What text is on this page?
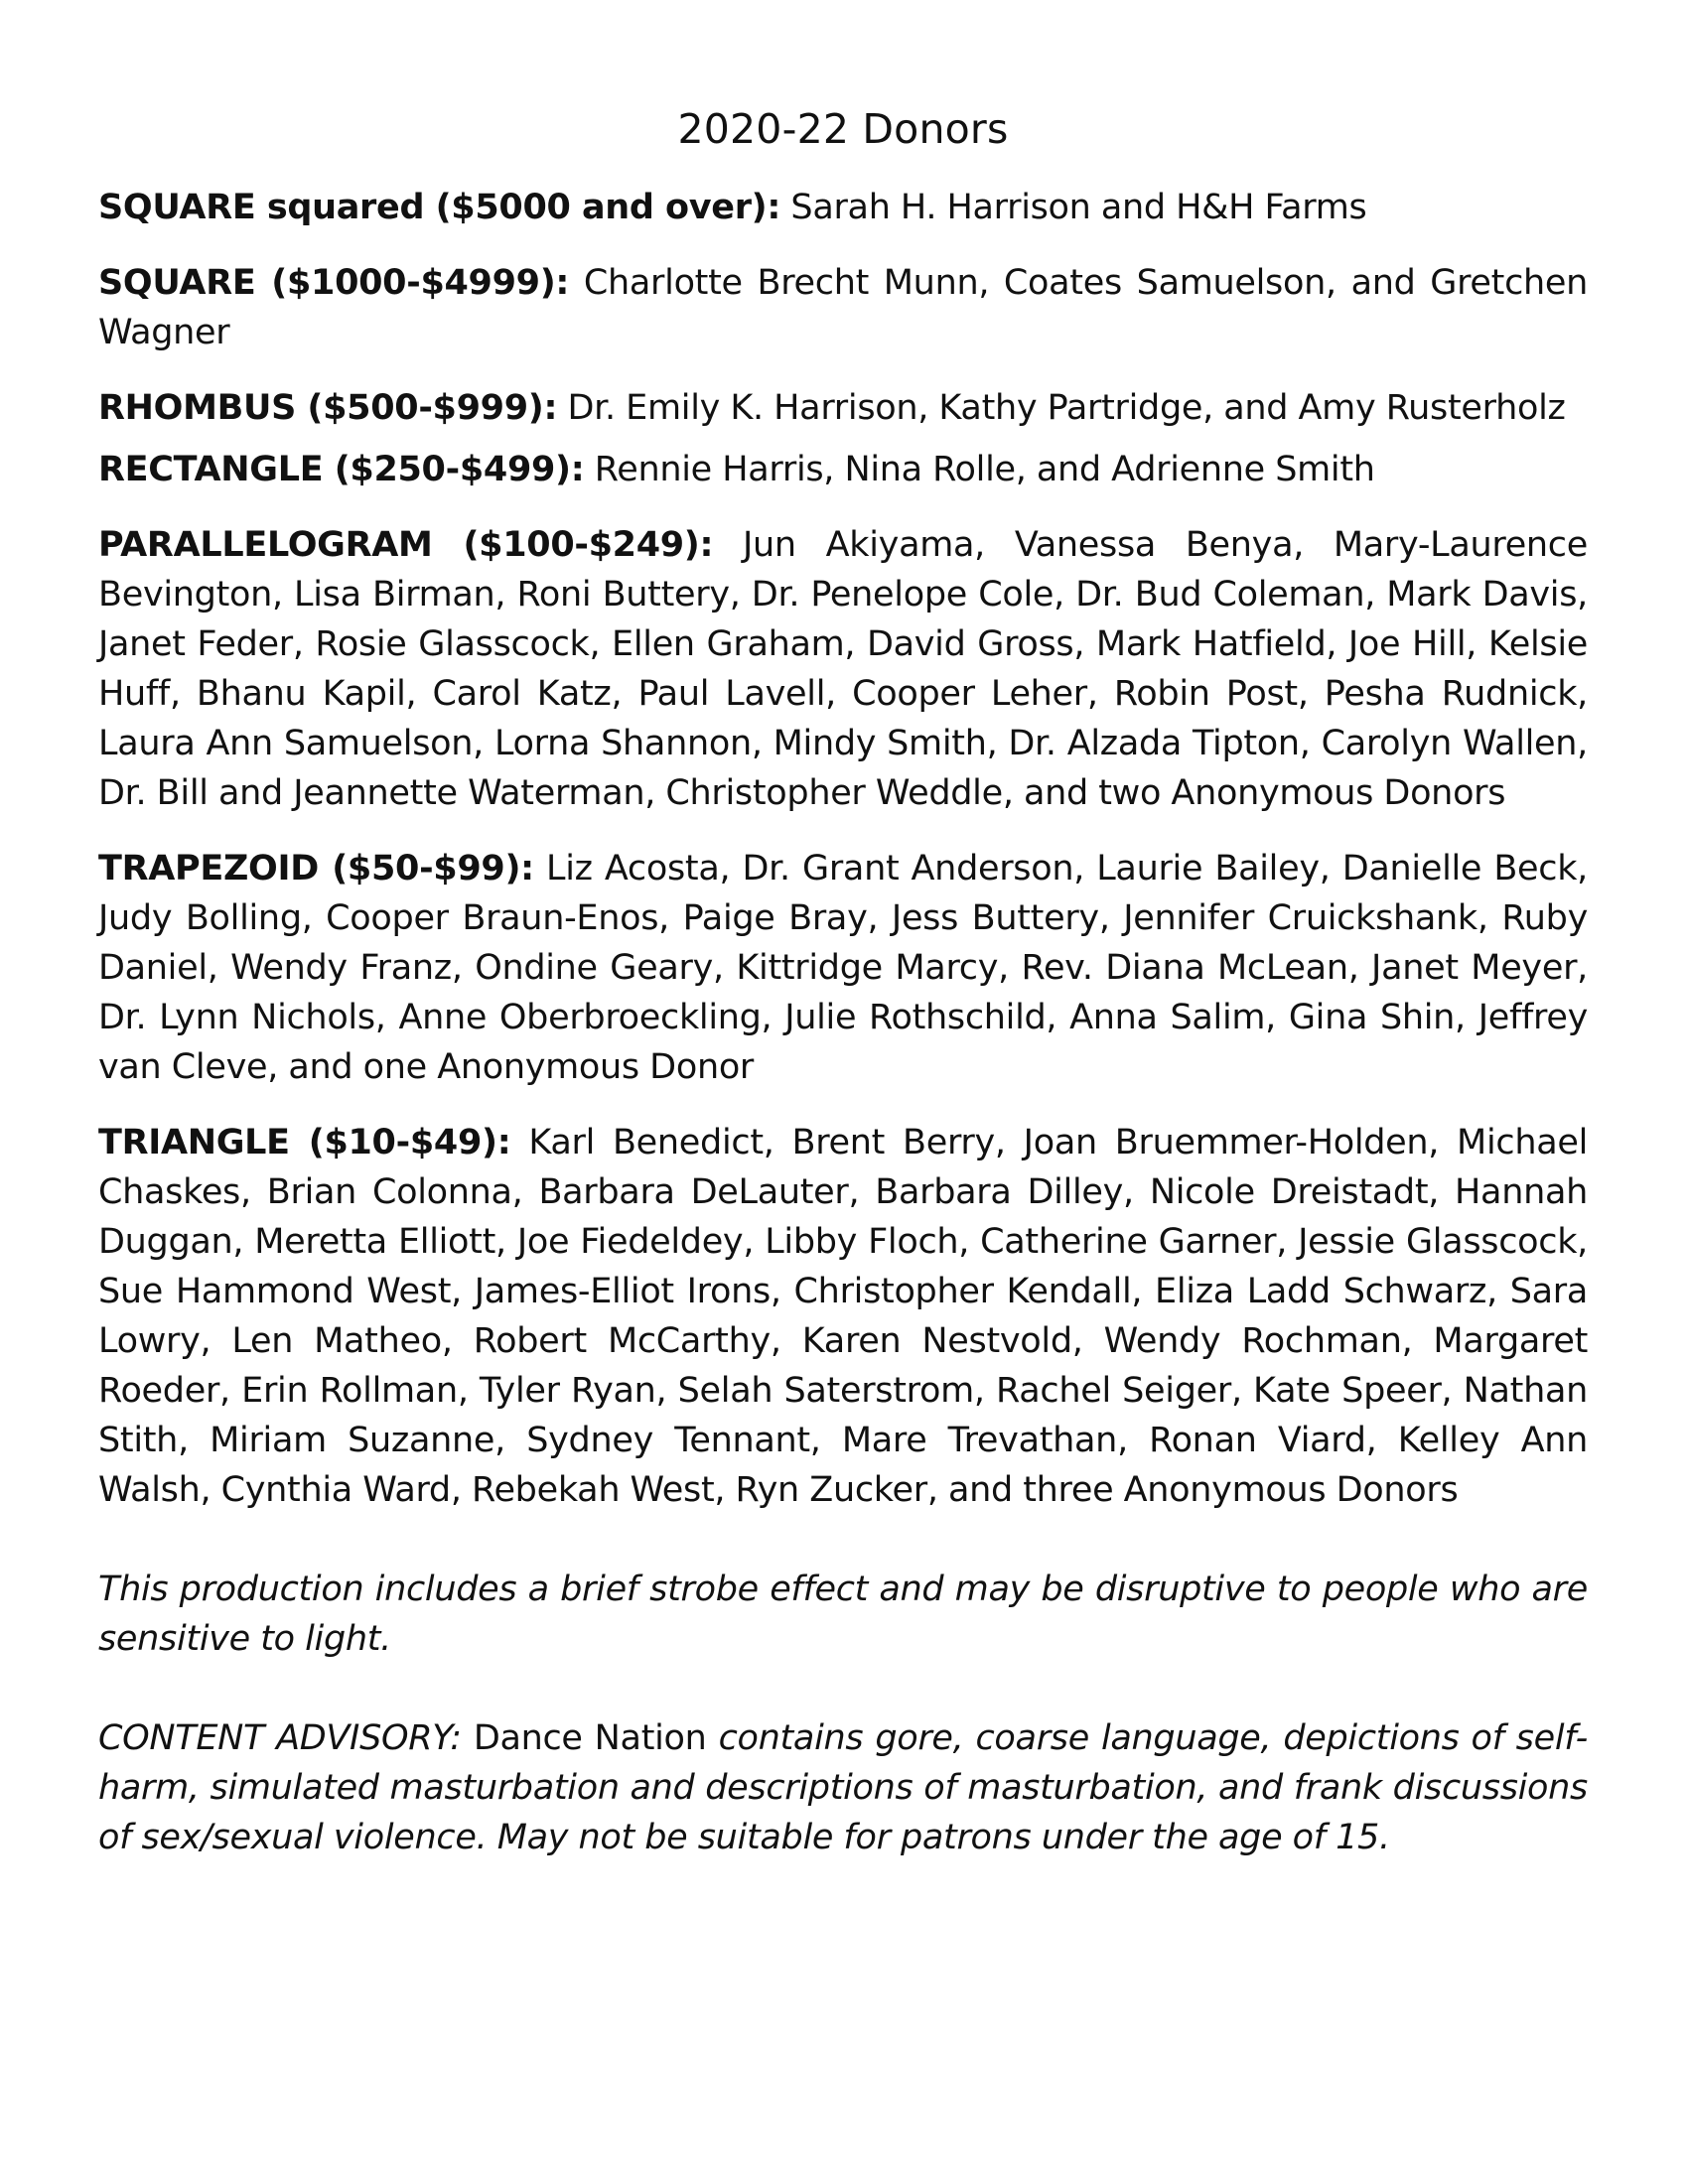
2020-22 Donors

SQUARE squared ($5000 and over): Sarah H. Harrison and H&H Farms

SQUARE ($1000-$4999): Charlotte Brecht Munn, Coates Samuelson, and Gretchen Wagner

RHOMBUS ($500-$999): Dr. Emily K. Harrison, Kathy Partridge, and Amy Rusterholz

RECTANGLE ($250-$499): Rennie Harris, Nina Rolle, and Adrienne Smith

PARALLELOGRAM ($100-$249): Jun Akiyama, Vanessa Benya, Mary-Laurence Bevington, Lisa Birman, Roni Buttery, Dr. Penelope Cole, Dr. Bud Coleman, Mark Davis, Janet Feder, Rosie Glasscock, Ellen Graham, David Gross, Mark Hatfield, Joe Hill, Kelsie Huff, Bhanu Kapil, Carol Katz, Paul Lavell, Cooper Leher, Robin Post, Pesha Rudnick, Laura Ann Samuelson, Lorna Shannon, Mindy Smith, Dr. Alzada Tipton, Carolyn Wallen, Dr. Bill and Jeannette Waterman, Christopher Weddle, and two Anonymous Donors

TRAPEZOID ($50-$99): Liz Acosta, Dr. Grant Anderson, Laurie Bailey, Danielle Beck, Judy Bolling, Cooper Braun-Enos, Paige Bray, Jess Buttery, Jennifer Cruickshank, Ruby Daniel, Wendy Franz, Ondine Geary, Kittridge Marcy, Rev. Diana McLean, Janet Meyer, Dr. Lynn Nichols, Anne Oberbroeckling, Julie Rothschild, Anna Salim, Gina Shin, Jeffrey van Cleve, and one Anonymous Donor

TRIANGLE ($10-$49): Karl Benedict, Brent Berry, Joan Bruemmer-Holden, Michael Chaskes, Brian Colonna, Barbara DeLauter, Barbara Dilley, Nicole Dreistadt, Hannah Duggan, Meretta Elliott, Joe Fiedeldey, Libby Floch, Catherine Garner, Jessie Glasscock, Sue Hammond West, James-Elliot Irons, Christopher Kendall, Eliza Ladd Schwarz, Sara Lowry, Len Matheo, Robert McCarthy, Karen Nestvold, Wendy Rochman, Margaret Roeder, Erin Rollman, Tyler Ryan, Selah Saterstrom, Rachel Seiger, Kate Speer, Nathan Stith, Miriam Suzanne, Sydney Tennant, Mare Trevathan, Ronan Viard, Kelley Ann Walsh, Cynthia Ward, Rebekah West, Ryn Zucker, and three Anonymous Donors

This production includes a brief strobe effect and may be disruptive to people who are sensitive to light.

CONTENT ADVISORY: Dance Nation contains gore, coarse language, depictions of self-harm, simulated masturbation and descriptions of masturbation, and frank discussions of sex/sexual violence. May not be suitable for patrons under the age of 15.
